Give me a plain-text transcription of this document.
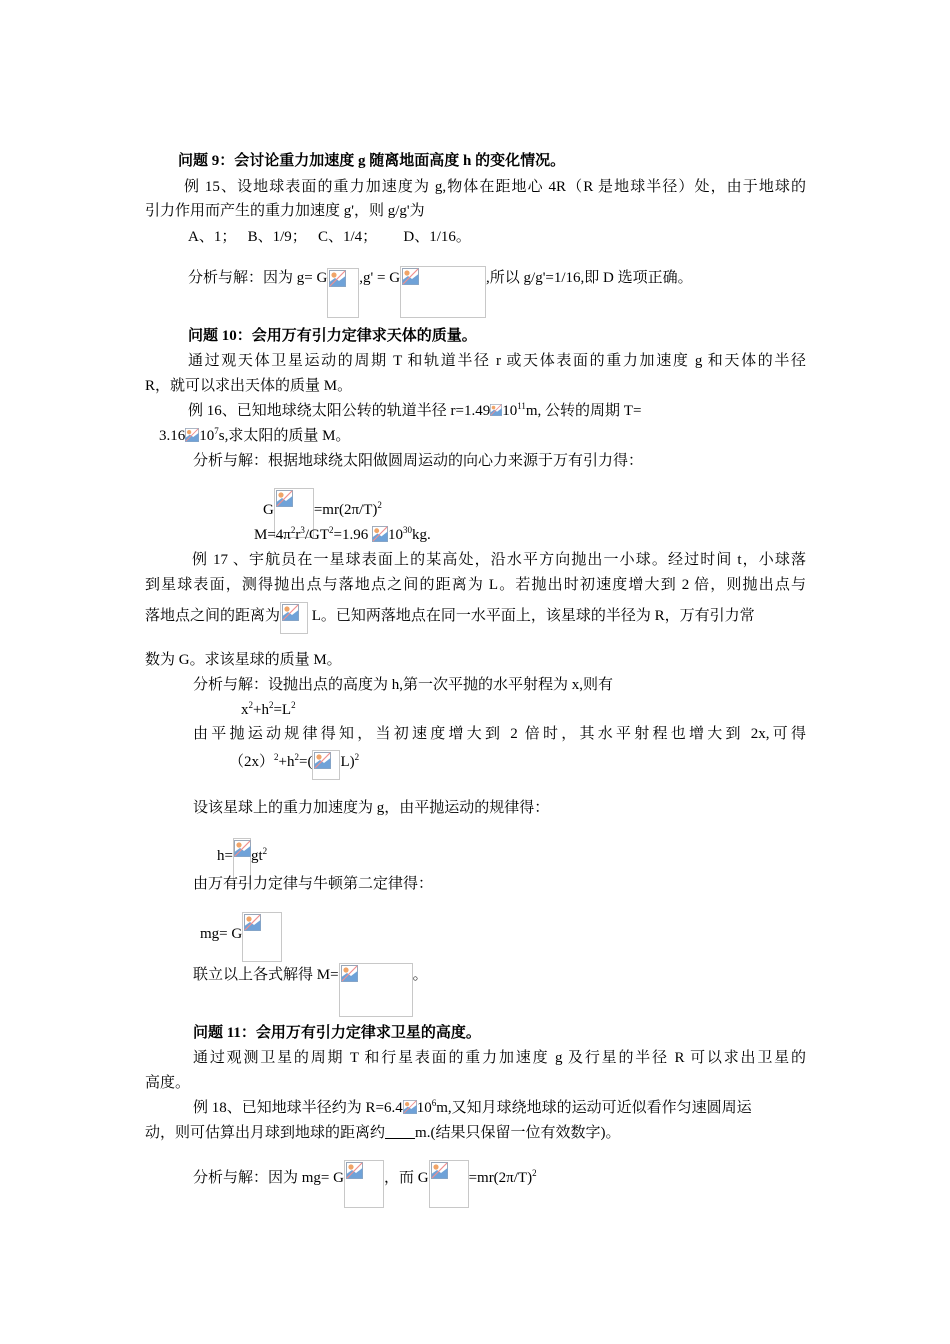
问题 9：会讨论重力加速度 g 随离地面高度 h 的变化情况。
例 15、设地球表面的重力加速度为 g,物体在距地心 4R（R 是地球半径）处，由于地球的
引力作用而产生的重力加速度 g'，则 g/g'为
A、1；　 B、1/9；　 C、1/4；　　 D、1/16。
分析与解：因为 g= G ,g' = G	,所以 g/g'=1/16,即 D 选项正确。
问题 10：会用万有引力定律求天体的质量。
通过观天体卫星运动的周期 T 和轨道半径 r 或天体表面的重力加速度 g 和天体的半径
R，就可以求出天体的质量 M。
例 16、已知地球绕太阳公转的轨道半径 r=1.49 $10^{11}m$, 公转的周期 T=
3.16 $10^7s$,求太阳的质量 M。
分析与解：根据地球绕太阳做圆周运动的向心力来源于万有引力得：
G	$=mr(2\pi/T)^2$
$M=4\pi^2r^3/GT^2=1.96$ $10^{30}kg$.
例 17 、宇航员在一星球表面上的某高处，沿水平方向抛出一小球。经过时间 t，小球落
到星球表面，测得抛出点与落地点之间的距离为 L。若抛出时初速度增大到 2 倍，则抛出点与
落地点之间的距离为
L。已知两落地点在同一水平面上，该星球的半径为 R，万有引力常
数为 G。求该星球的质量 M。
分析与解：设抛出点的高度为 h,第一次平抛的水平射程为 x,则有
$x^2+h^2=L^2$
由平抛运动规律得知，当初速度增大到 2 倍时，其水平射程也增大到 2x,可得
$(2x)^2+h^2=$( L)$^2$
设该星球上的重力加速度为 g，由平抛运动的规律得：
$h= gt^2$
由万有引力定律与牛顿第二定律得：
mg= G
联立以上各式解得 M=	。
问题 11：会用万有引力定律求卫星的高度。
通过观测卫星的周期 T 和行星表面的重力加速度 g 及行星的半径 R 可以求出卫星的
高度。
例 18、已知地球半径约为 R=6.4 $10^6m$,又知月球绕地球的运动可近似看作匀速圆周运
动，则可估算出月球到地球的距离约　　 m.(结果只保留一位有效数字)。
分析与解：因为 mg= G	，而 G	$=mr(2\pi/T)^2$
